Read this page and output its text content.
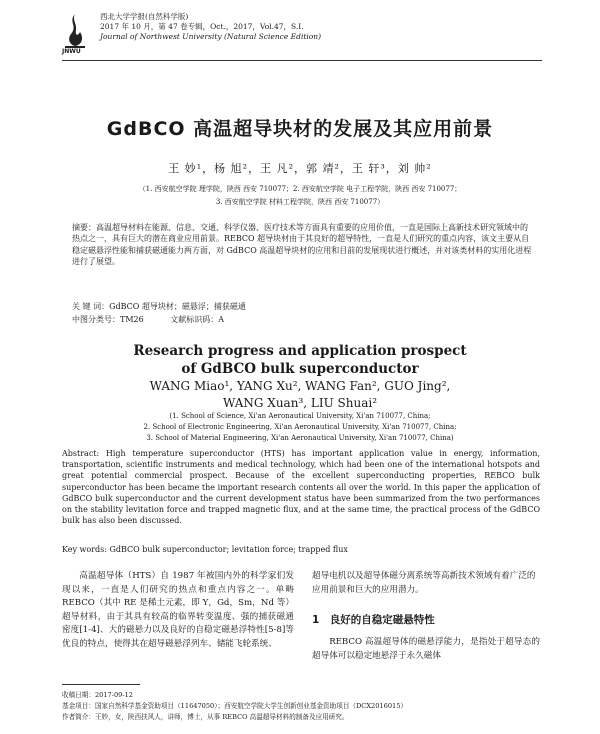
JNWU
西北大学学报(自然科学版)
2017 年 10 月，第 47 卷专辑，Oct.，2017，Vol.47，S.I.
Journal of Northwest University (Natural Science Edition)
GdBCO 高温超导块材的发展及其应用前景
王 妙¹，杨 旭²，王 凡²，郭 靖²，王 轩³，刘 帅²
（1. 西安航空学院 理学院，陕西 西安 710077；2. 西安航空学院 电子工程学院，陕西 西安 710077；
3. 西安航空学院 材料工程学院，陕西 西安 710077）
摘要：高温超导材料在能源、信息、交通、科学仪器、医疗技术等方面具有重要的应用价值，一直是国际上高新技术研究领域中的热点之一，具有巨大的潜在商业应用前景。REBCO 超导块材由于其良好的超导特性，一直是人们研究的重点内容，该文主要从自稳定磁悬浮性能和捕获磁通能力两方面，对 GdBCO 高温超导块材的应用和目前的发展现状进行概述，并对该类材料的实用化进程进行了展望。
关 键 词：GdBCO 超导块材；磁悬浮；捕获磁通
中图分类号：TM26	文献标识码：A
Research progress and application prospect
of GdBCO bulk superconductor
WANG Miao¹, YANG Xu², WANG Fan², GUO Jing²,
WANG Xuan³, LIU Shuai²
(1. School of Science, Xi'an Aeronautical University, Xi'an 710077, China;
2. School of Electronic Engineering, Xi'an Aeronautical University, Xi'an 710077, China;
3. School of Material Engineering, Xi'an Aeronautical University, Xi'an 710077, China)
Abstract: High temperature superconductor (HTS) has important application value in energy, information, transportation, scientific instruments and medical technology, which had been one of the international hotspots and great potential commercial prospect. Because of the excellent superconducting properties, REBCO bulk superconductor has been became the important research contents all over the world. In this paper the application of GdBCO bulk superconductor and the current development status have been summarized from the two performances on the stability levitation force and trapped magnetic flux, and at the same time, the practical process of the GdBCO bulk has also been discussed.
Key words: GdBCO bulk superconductor; levitation force; trapped flux
高温超导体（HTS）自 1987 年被国内外的科学家们发现以来，一直是人们研究的热点和重点内容之一。单畴 REBCO（其中 RE 是稀土元素，即 Y，Gd，Sm，Nd 等）超导材料，由于其具有较高的临界转变温度、强的捕获磁通密度[1-4]、大的磁悬力以及良好的自稳定磁悬浮特性[5-8]等优良的特点，使得其在超导磁悬浮列车、储能飞轮系统、
超导电机以及超导体磁分离系统等高新技术领域有着广泛的应用前景和巨大的应用潜力。
1　良好的自稳定磁悬特性
REBCO 高温超导体的磁悬浮能力，是指处于超导态的超导体可以稳定地悬浮于永久磁体
收稿日期：2017-09-12
基金项目：国家自然科学基金资助项目（11647050）；西安航空学院大学生创新创业基金资助项目（DCX2016015）
作者简介：王妙，女，陕西扶风人，讲师，博士，从事 REBCO 高温超导材料的制备及应用研究。
